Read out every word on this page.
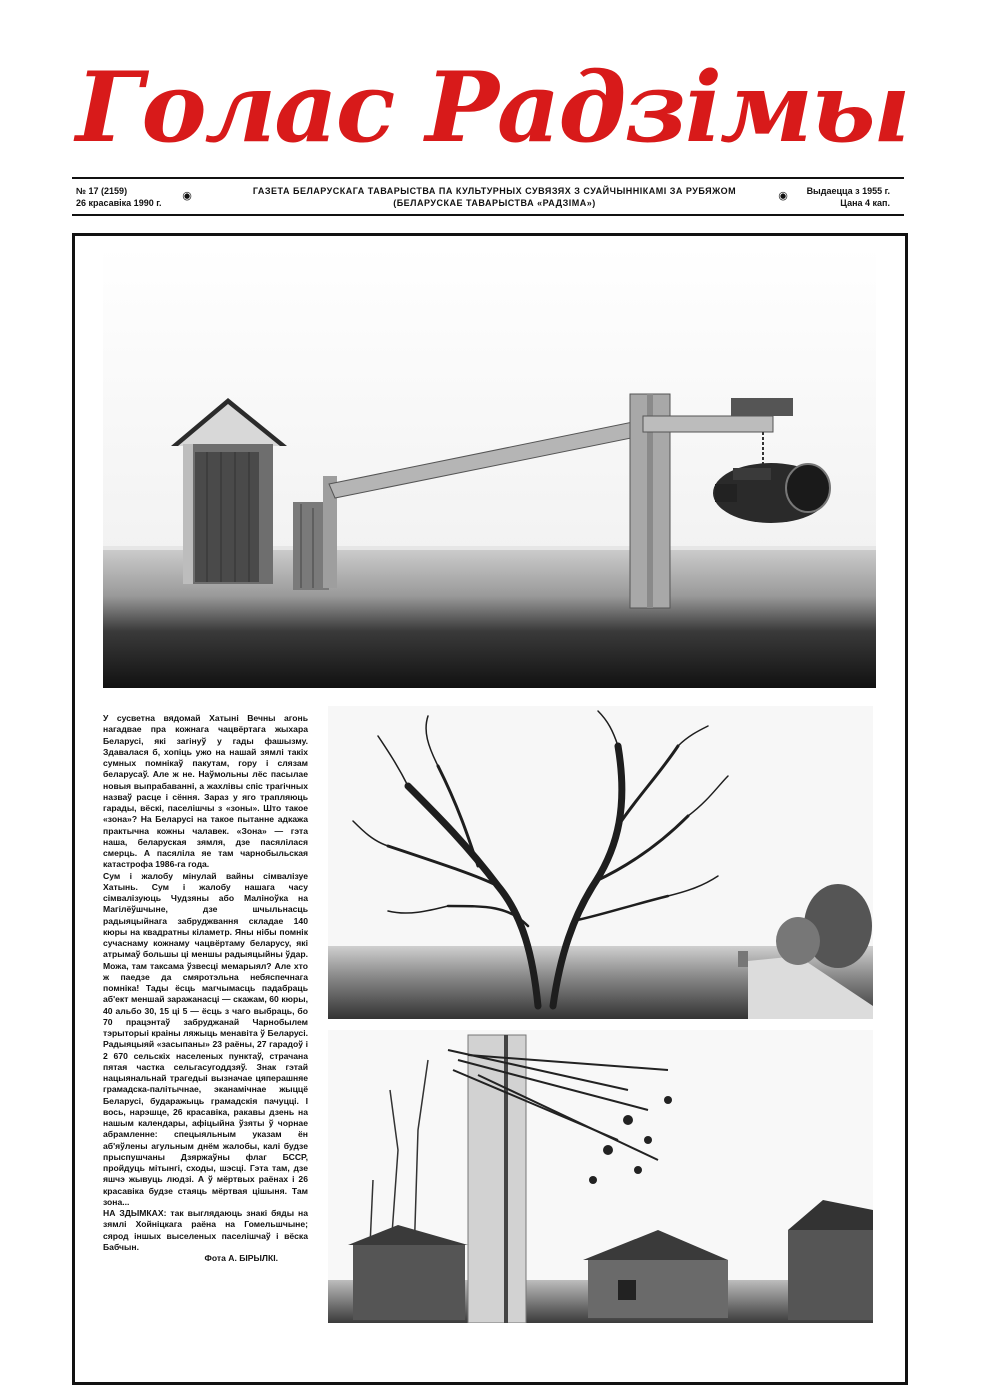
Голас Радзімы
№ 17 (2159)
26 красавіка 1990 г.
◉	ГАЗЕТА БЕЛАРУСКАГА ТАВАРЫСТВА ПА КУЛЬТУРНЫХ СУВЯЗЯХ З СУАЙЧЫННІКАМІ ЗА РУБЯЖОМ
(БЕЛАРУСКАЕ ТАВАРЫСТВА «РАДЗІМА»)
◉ Выдаецца з 1955 г.
Цана 4 кап.

У сусветна вядомай Хатыні Вечны агонь нагадвае пра кожнага чацвёртага жыхара Беларусі, які загінуў у гады фашызму. Здавалася б, хопіць ужо на нашай зямлі такіх сумных помнікаў пакутам, гору і слязам беларусаў. Але ж не. Наўмольны лёс пасылае новыя выпрабаванні, а жахлівы спіс трагічных назваў расце і сёння. Зараз у яго трапляюць гарады, вёскі, паселішчы з «зоны». Што такое «зона»? На Беларусі на такое пытанне адкажа практычна кожны чалавек. «Зона» — гэта наша, беларуская зямля, дзе пасялілася смерць. А пасяліла яе там чарнобыльская катастрофа 1986-га года.

Сум і жалобу мінулай вайны сімвалізуе Хатынь. Сум і жалобу нашага часу сімвалізуюць Чудзяны або Маліноўка на Магілёўшчыне, дзе шчыльнасць радыяцыйнага забруджвання складае 140 кюры на квадратны кіламетр. Яны нібы помнік сучаснаму кожнаму чацвёртаму беларусу, які атрымаў большы ці меншы радыяцыйны ўдар. Можа, там таксама ўзвесці мемарыял? Але хто ж паедзе да смяротэльна небяспечнага помніка! Тады ёсць магчымасць падабраць аб'ект меншай заражанасці — скажам, 60 кюры, 40 альбо 30, 15 ці 5 — ёсць з чаго выбраць, бо 70 працэнтаў забруджанай Чарнобылем тэрыторыі краіны ляжыць менавіта ў Беларусі. Радыяцыяй «засыпаны» 23 раёны, 27 гарадоў і 2 670 сельскіх населеных пунктаў, страчана пятая частка сельгасугоддзяў. Знак гэтай нацыянальнай трагедыі вызначае цяперашняе грамадска-палітычнае, эканамічнае жыццё Беларусі, бударажыць грамадскія пачуцці. І вось, нарэшце, 26 красавіка, ракавы дзень на нашым календары, афіцыйна ўзяты ў чорнае абрамленне: спецыяльным указам ён аб'яўлены агульным днём жалобы, калі будзе прыспушчаны Дзяржаўны флаг БССР, пройдуць мітынгі, сходы, шэсці. Гэта там, дзе яшчэ жывуць людзі. А ў мёртвых раёнах і 26 красавіка будзе стаяць мёртвая цішыня. Там зона...

НА ЗДЫМКАХ: так выглядаюць знакі бяды на зямлі Хойніцкага раёна на Гомельшчыне; сярод іншых выселеных паселішчаў і вёска Бабчын.

Фота А. БІРЫЛКІ.
